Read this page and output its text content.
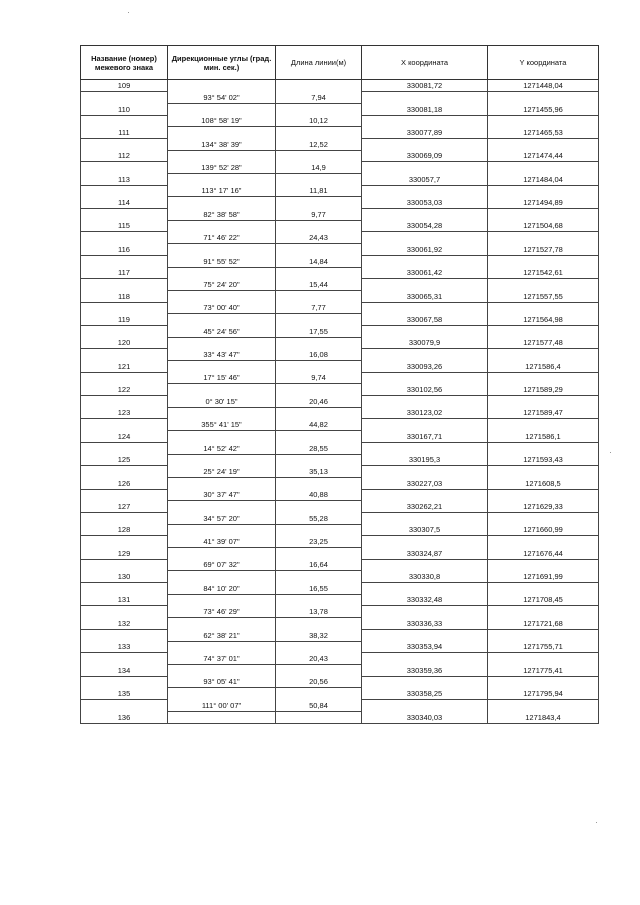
Название (номер) межевого знака	Дирекционные углы (град. мин. сек.)	Длина линии(м)	X координата	Y координата
109			330081,72	1271448,04
	93° 54' 02"	7,94		
110			330081,18	1271455,96
	108° 58' 19"	10,12		
111			330077,89	1271465,53
	134° 38' 39"	12,52		
112			330069,09	1271474,44
	139° 52' 28"	14,9		
113			330057,7	1271484,04
	113° 17' 16"	11,81		
114			330053,03	1271494,89
	82° 38' 58"	9,77		
115			330054,28	1271504,68
	71° 46' 22"	24,43		
116			330061,92	1271527,78
	91° 55' 52"	14,84		
117			330061,42	1271542,61
	75° 24' 20"	15,44		
118			330065,31	1271557,55
	73° 00' 40"	7,77		
119			330067,58	1271564,98
	45° 24' 56"	17,55		
120			330079,9	1271577,48
	33° 43' 47"	16,08		
121			330093,26	1271586,4
	17° 15' 46"	9,74		
122			330102,56	1271589,29
	0° 30' 15"	20,46		
123			330123,02	1271589,47
	355° 41' 15"	44,82		
124			330167,71	1271586,1
	14° 52' 42"	28,55		
125			330195,3	1271593,43
	25° 24' 19"	35,13		
126			330227,03	1271608,5
	30° 37' 47"	40,88		
127			330262,21	1271629,33
	34° 57' 20"	55,28		
128			330307,5	1271660,99
	41° 39' 07"	23,25		
129			330324,87	1271676,44
	69° 07' 32"	16,64		
130			330330,8	1271691,99
	84° 10' 20"	16,55		
131			330332,48	1271708,45
	73° 46' 29"	13,78		
132			330336,33	1271721,68
	62° 38' 21"	38,32		
133			330353,94	1271755,71
	74° 37' 01"	20,43		
134			330359,36	1271775,41
	93° 05' 41"	20,56		
135			330358,25	1271795,94
	111° 00' 07"	50,84		
136			330340,03	1271843,4
